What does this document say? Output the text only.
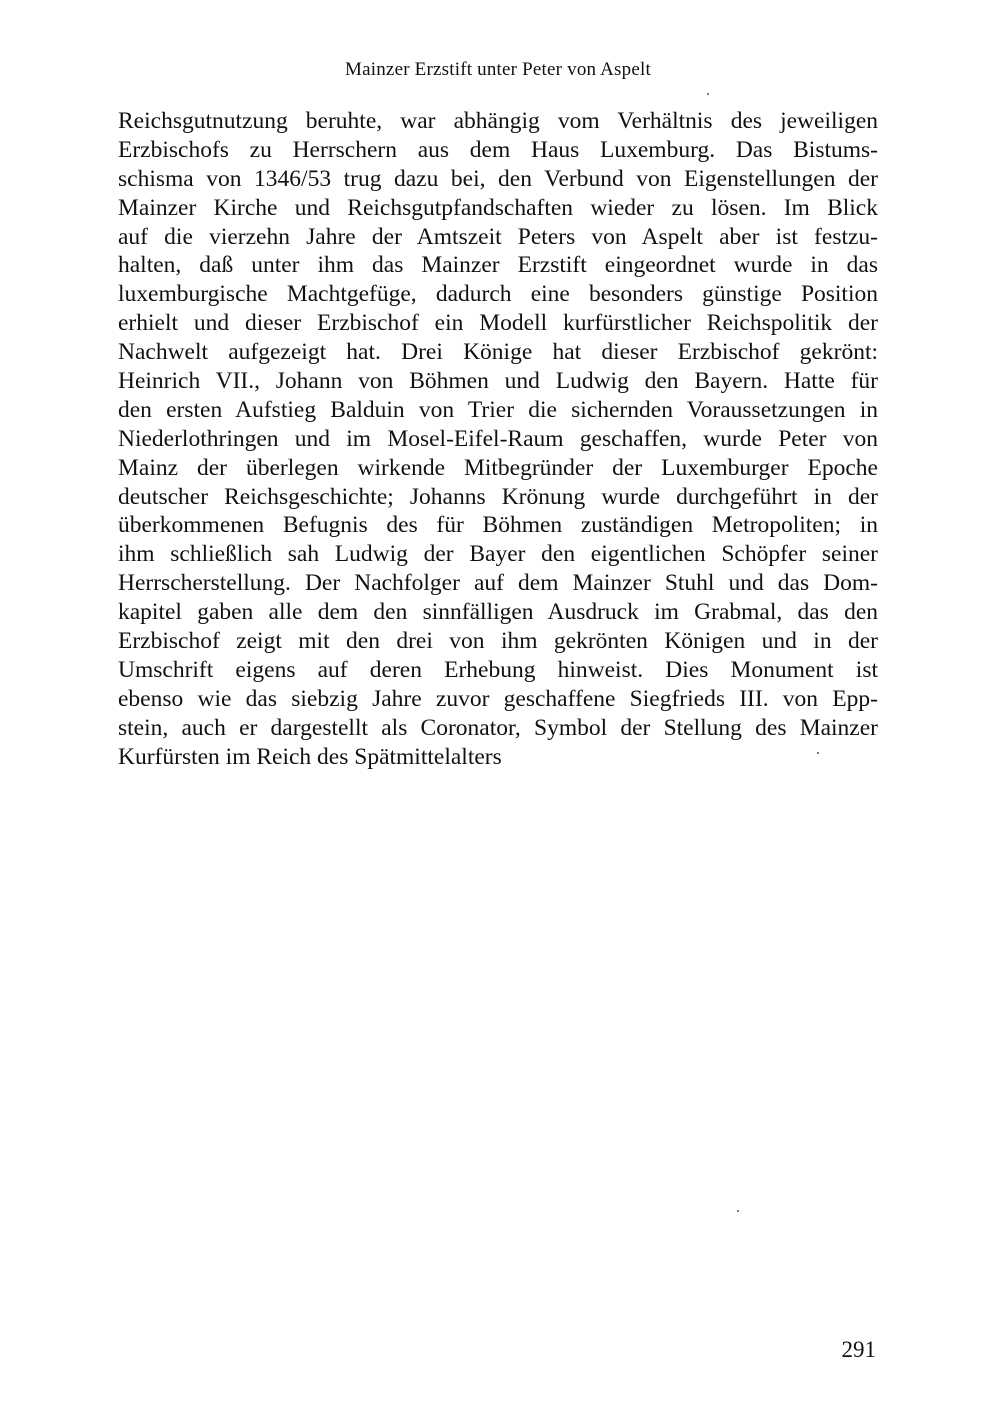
Mainzer Erzstift unter Peter von Aspelt
Reichsgutnutzung beruhte, war abhängig vom Verhältnis des jeweiligen
Erzbischofs zu Herrschern aus dem Haus Luxemburg. Das Bistums-
schisma von 1346/53 trug dazu bei, den Verbund von Eigenstellungen der
Mainzer Kirche und Reichsgutpfandschaften wieder zu lösen. Im Blick
auf die vierzehn Jahre der Amtszeit Peters von Aspelt aber ist festzu-
halten, daß unter ihm das Mainzer Erzstift eingeordnet wurde in das
luxemburgische Machtgefüge, dadurch eine besonders günstige Position
erhielt und dieser Erzbischof ein Modell kurfürstlicher Reichspolitik der
Nachwelt aufgezeigt hat. Drei Könige hat dieser Erzbischof gekrönt:
Heinrich VII., Johann von Böhmen und Ludwig den Bayern. Hatte für
den ersten Aufstieg Balduin von Trier die sichernden Voraussetzungen in
Niederlothringen und im Mosel-Eifel-Raum geschaffen, wurde Peter von
Mainz der überlegen wirkende Mitbegründer der Luxemburger Epoche
deutscher Reichsgeschichte; Johanns Krönung wurde durchgeführt in der
überkommenen Befugnis des für Böhmen zuständigen Metropoliten; in
ihm schließlich sah Ludwig der Bayer den eigentlichen Schöpfer seiner
Herrscherstellung. Der Nachfolger auf dem Mainzer Stuhl und das Dom-
kapitel gaben alle dem den sinnfälligen Ausdruck im Grabmal, das den
Erzbischof zeigt mit den drei von ihm gekrönten Königen und in der
Umschrift eigens auf deren Erhebung hinweist. Dies Monument ist
ebenso wie das siebzig Jahre zuvor geschaffene Siegfrieds III. von Epp-
stein, auch er dargestellt als Coronator, Symbol der Stellung des Mainzer
Kurfürsten im Reich des Spätmittelalters
291
